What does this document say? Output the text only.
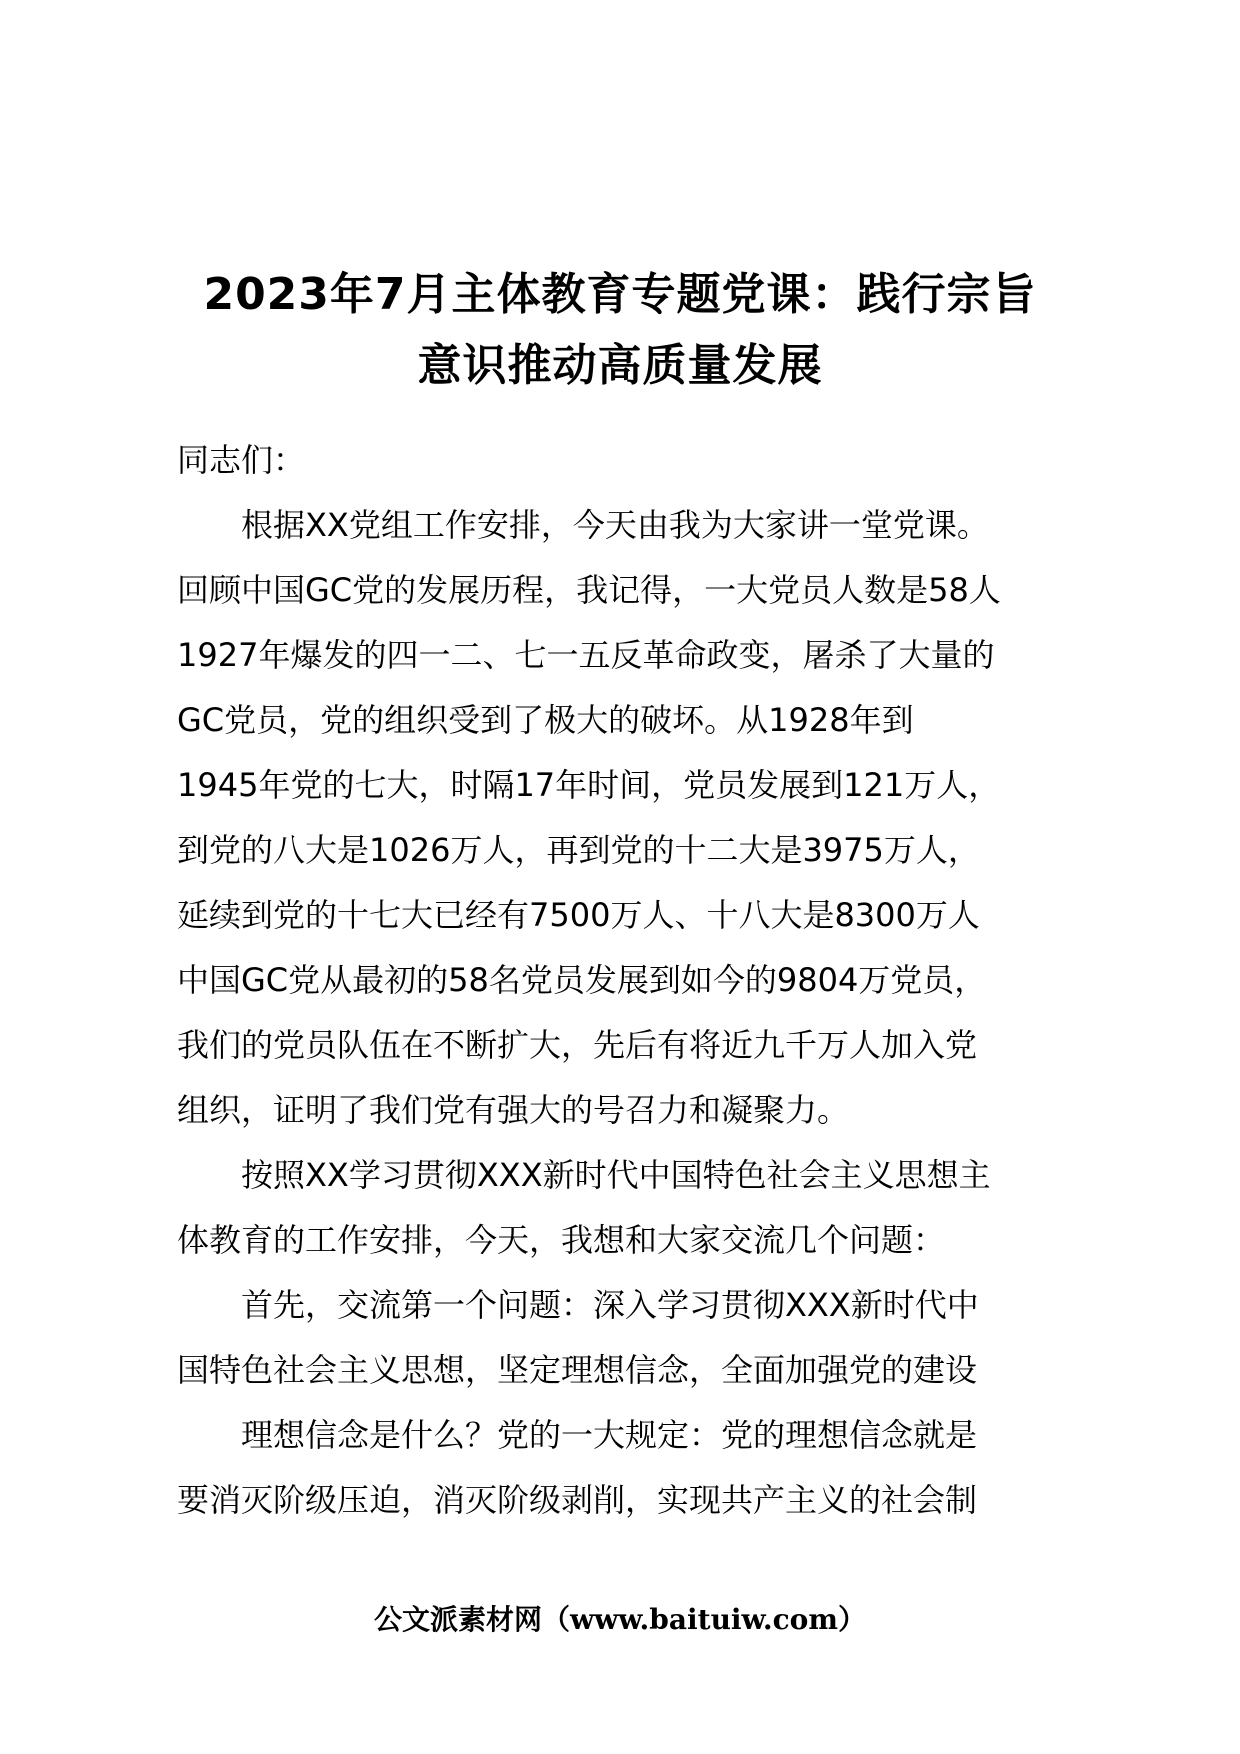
2023年7月主体教育专题党课：践行宗旨
意识推动高质量发展
同志们：
根据XX党组工作安排，今天由我为大家讲一堂党课。
回顾中国GC党的发展历程，我记得，一大党员人数是58人
1927年爆发的四一二、七一五反革命政变，屠杀了大量的
GC党员，党的组织受到了极大的破坏。从1928年到
1945年党的七大，时隔17年时间，党员发展到121万人，
到党的八大是1026万人，再到党的十二大是3975万人，
延续到党的十七大已经有7500万人、十八大是8300万人
中国GC党从最初的58名党员发展到如今的9804万党员，
我们的党员队伍在不断扩大，先后有将近九千万人加入党
组织，证明了我们党有强大的号召力和凝聚力。
按照XX学习贯彻XXX新时代中国特色社会主义思想主
体教育的工作安排，今天，我想和大家交流几个问题：
首先，交流第一个问题：深入学习贯彻XXX新时代中
国特色社会主义思想，坚定理想信念，全面加强党的建设
理想信念是什么？党的一大规定：党的理想信念就是
要消灭阶级压迫，消灭阶级剥削，实现共产主义的社会制
公文派素材网（www.baituiw.com）
